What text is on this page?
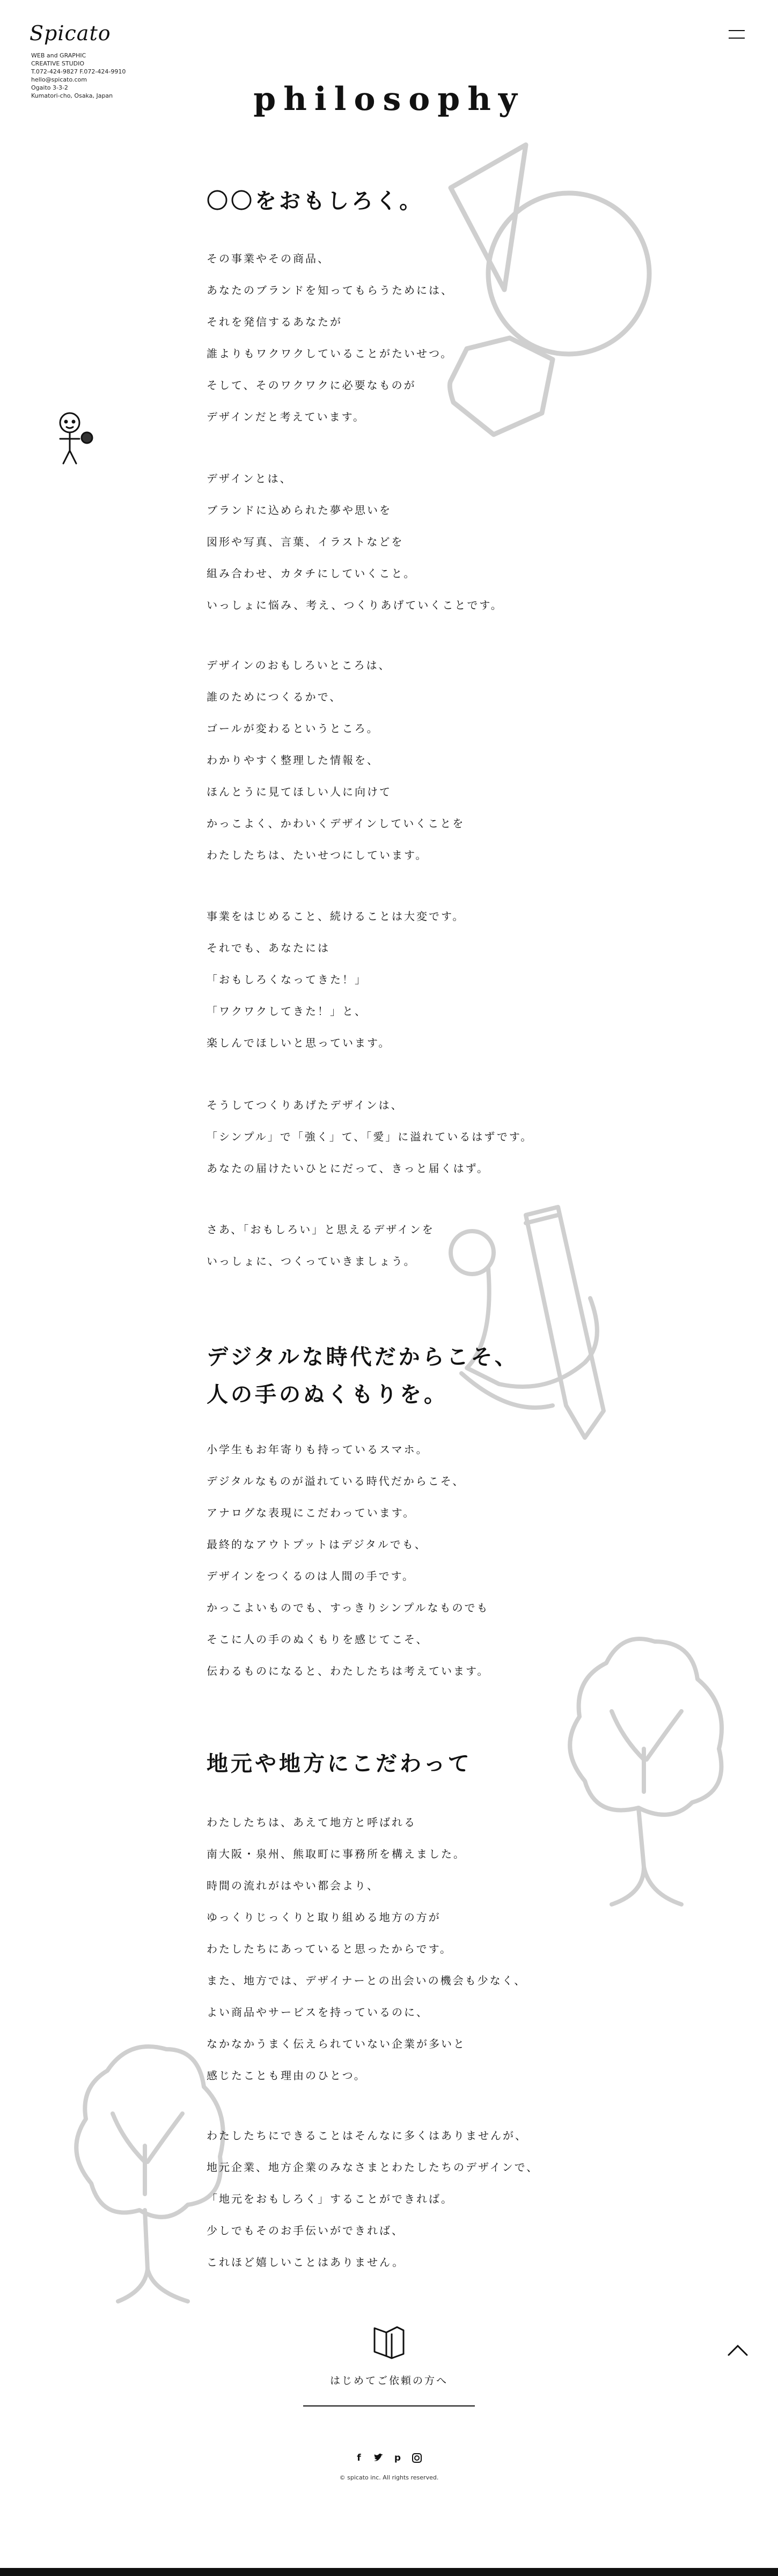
Spicato
WEB and GRAPHIC
CREATIVE STUDIO
T.072-424-9827 F.072-424-9910
hello@spicato.com
Ogaito 3-3-2
Kumatori-cho, Osaka, Japan	philosophy
〇〇をおもしろく。
その事業やその商品、
あなたのブランドを知ってもらうためには、
それを発信するあなたが
誰よりもワクワクしていることがたいせつ。
そして、そのワクワクに必要なものが
デザインだと考えています。
デザインとは、
ブランドに込められた夢や思いを
図形や写真、言葉、イラストなどを
組み合わせ、カタチにしていくこと。
いっしょに悩み、考え、つくりあげていくことです。
デザインのおもしろいところは、
誰のためにつくるかで、
ゴールが変わるというところ。
わかりやすく整理した情報を、
ほんとうに見てほしい人に向けて
かっこよく、かわいくデザインしていくことを
わたしたちは、たいせつにしています。
事業をはじめること、続けることは大変です。
それでも、あなたには
「おもしろくなってきた！」
「ワクワクしてきた！」と、
楽しんでほしいと思っています。
そうしてつくりあげたデザインは、
「シンプル」で「強く」て、「愛」に溢れているはずです。
あなたの届けたいひとにだって、きっと届くはず。
さあ、「おもしろい」と思えるデザインを
いっしょに、つくっていきましょう。
デジタルな時代だからこそ、
人の手のぬくもりを。
小学生もお年寄りも持っているスマホ。
デジタルなものが溢れている時代だからこそ、
アナログな表現にこだわっています。
最終的なアウトプットはデジタルでも、
デザインをつくるのは人間の手です。
かっこよいものでも、すっきりシンプルなものでも
そこに人の手のぬくもりを感じてこそ、
伝わるものになると、わたしたちは考えています。
地元や地方にこだわって
わたしたちは、あえて地方と呼ばれる
南大阪・泉州、熊取町に事務所を構えました。
時間の流れがはやい都会より、
ゆっくりじっくりと取り組める地方の方が
わたしたちにあっていると思ったからです。
また、地方では、デザイナーとの出会いの機会も少なく、
よい商品やサービスを持っているのに、
なかなかうまく伝えられていない企業が多いと
感じたことも理由のひとつ。
わたしたちにできることはそんなに多くはありませんが、
地元企業、地方企業のみなさまとわたしたちのデザインで、
「地元をおもしろく」することができれば。
少しでもそのお手伝いができれば、
これほど嬉しいことはありません。
はじめてご依頼の方へ
f	p
© spicato inc. All rights reserved.
